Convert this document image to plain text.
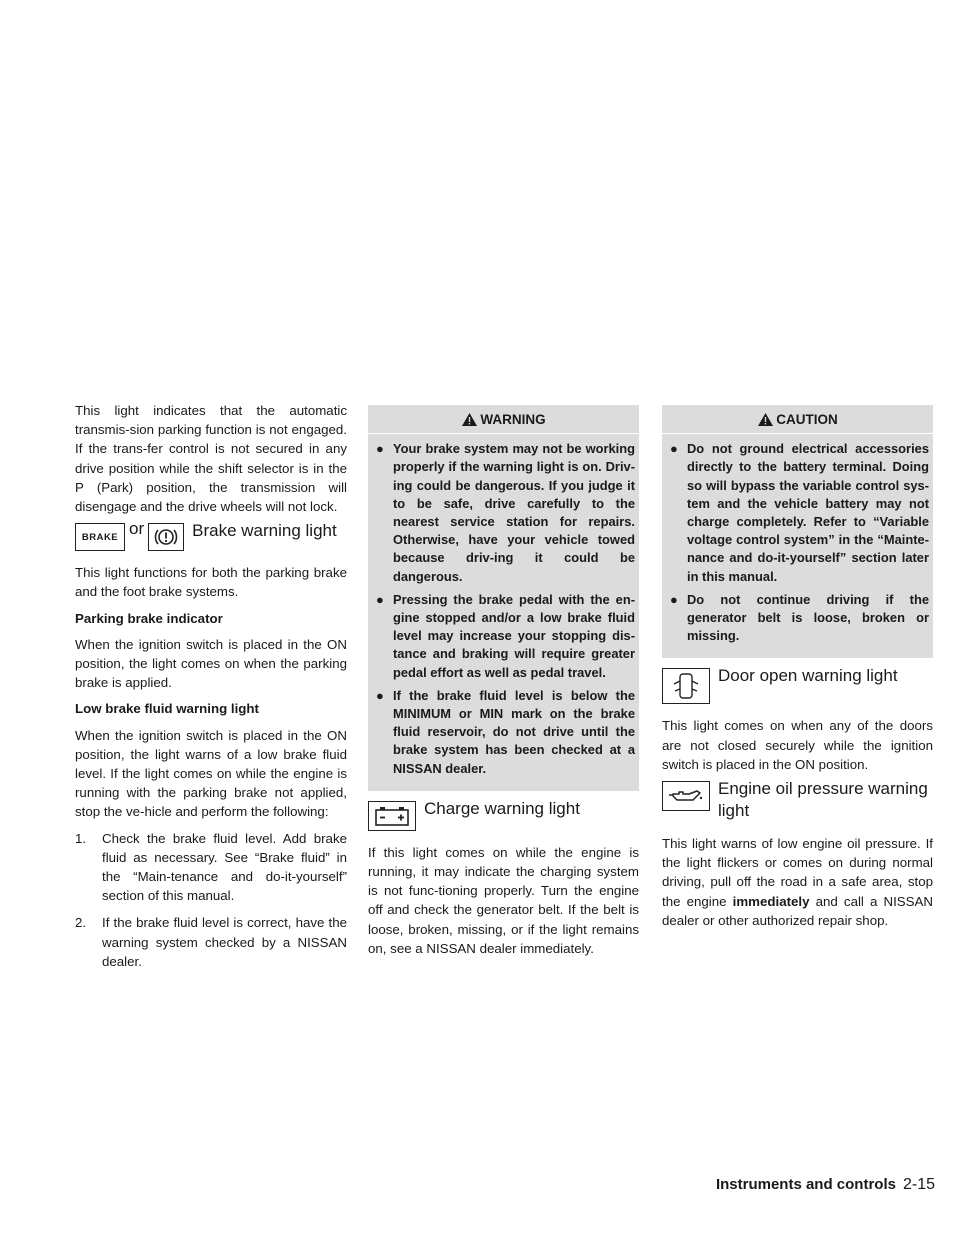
This light indicates that the automatic transmis-sion parking function is not engaged. If the trans-fer control is not secured in any drive position while the shift selector is in the P (Park) position, the transmission will disengage and the drive wheels will not lock.

BRAKE or	Brake warning light

This light functions for both the parking brake and the foot brake systems.

Parking brake indicator

When the ignition switch is placed in the ON position, the light comes on when the parking brake is applied.

Low brake fluid warning light

When the ignition switch is placed in the ON position, the light warns of a low brake fluid level. If the light comes on while the engine is running with the parking brake not applied, stop the ve-hicle and perform the following:

1. Check the brake fluid level. Add brake fluid as necessary. See “Brake fluid” in the “Main-tenance and do-it-yourself” section of this manual.
2. If the brake fluid level is correct, have the warning system checked by a NISSAN dealer.
WARNING
● Your brake system may not be working properly if the warning light is on. Driv-ing could be dangerous. If you judge it to be safe, drive carefully to the nearest service station for repairs. Otherwise, have your vehicle towed because driv-ing it could be dangerous.
● Pressing the brake pedal with the en-gine stopped and/or a low brake fluid level may increase your stopping dis-tance and braking will require greater pedal effort as well as pedal travel.
● If the brake fluid level is below the MINIMUM or MIN mark on the brake fluid reservoir, do not drive until the brake system has been checked at a NISSAN dealer.
Charge warning light

If this light comes on while the engine is running, it may indicate the charging system is not func-tioning properly. Turn the engine off and check the generator belt. If the belt is loose, broken, missing, or if the light remains on, see a NISSAN dealer immediately.

CAUTION
● Do not ground electrical accessories directly to the battery terminal. Doing so will bypass the variable control sys-tem and the vehicle battery may not charge completely. Refer to “Variable voltage control system” in the “Mainte-nance and do-it-yourself” section later in this manual.
● Do not continue driving if the generator belt is loose, broken or missing.
Door open warning light

This light comes on when any of the doors are not closed securely while the ignition switch is placed in the ON position.

Engine oil pressure warning light

This light warns of low engine oil pressure. If the light flickers or comes on during normal driving, pull off the road in a safe area, stop the engine immediately and call a NISSAN dealer or other authorized repair shop.

Instruments and controls 2-15
